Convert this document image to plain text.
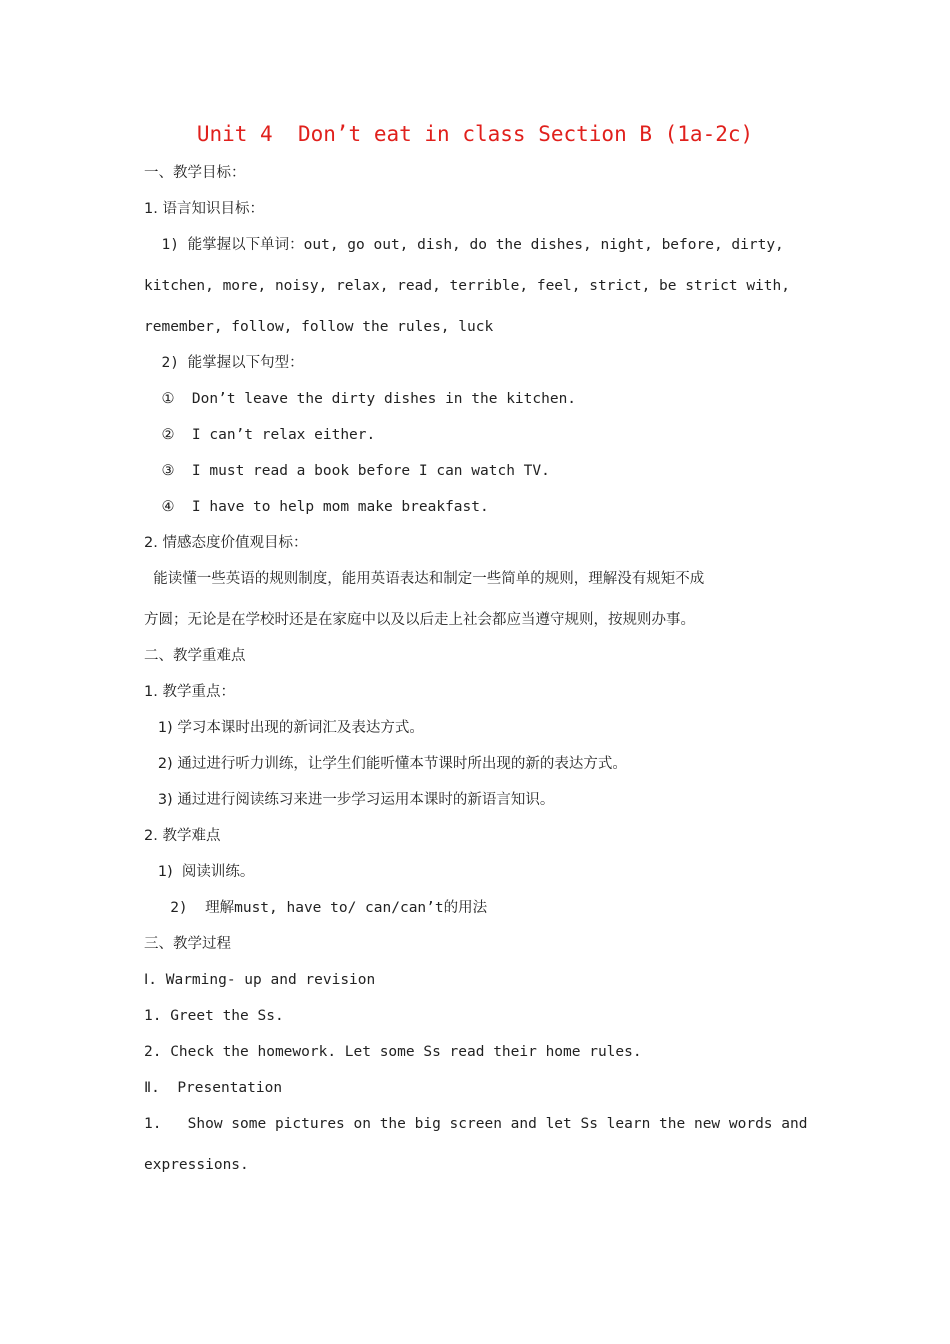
Unit 4  Don’t eat in class Section B (1a-2c)
一、教学目标：
1. 语言知识目标：
1) 能掌握以下单词：out, go out, dish, do the dishes, night, before, dirty,
kitchen, more, noisy, relax, read, terrible, feel, strict, be strict with,
remember, follow, follow the rules, luck
2) 能掌握以下句型：
①  Don’t leave the dirty dishes in the kitchen.
②  I can’t relax either.
③  I must read a book before I can watch TV.
④  I have to help mom make breakfast.
2. 情感态度价值观目标：
能读懂一些英语的规则制度，能用英语表达和制定一些简单的规则，理解没有规矩不成
方圆；无论是在学校时还是在家庭中以及以后走上社会都应当遵守规则，按规则办事。
二、教学重难点
1. 教学重点：
1) 学习本课时出现的新词汇及表达方式。
2) 通过进行听力训练，让学生们能听懂本节课时所出现的新的表达方式。
3) 通过进行阅读练习来进一步学习运用本课时的新语言知识。
2. 教学难点
1)  阅读训练。
2)  理解must, have to/ can/can’t的用法
三、教学过程
Ⅰ. Warming- up and revision
1. Greet the Ss.
2. Check the homework. Let some Ss read their home rules.
Ⅱ.  Presentation
1.   Show some pictures on the big screen and let Ss learn the new words and
expressions.
